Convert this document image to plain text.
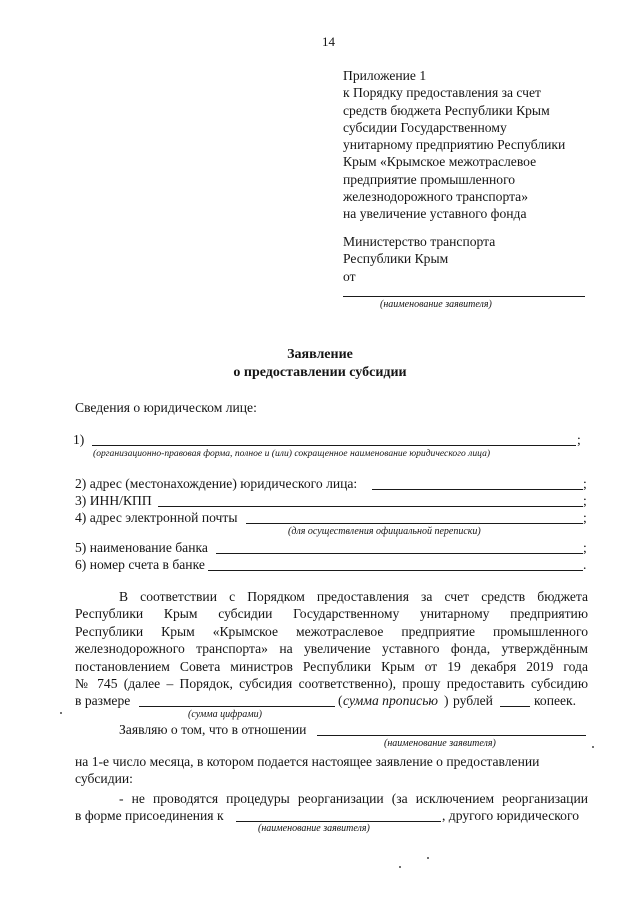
14
Приложение 1
к Порядку предоставления за счет
средств бюджета Республики Крым
субсидии Государственному
унитарному предприятию Республики
Крым «Крымское межотраслевое
предприятие промышленного
железнодорожного транспорта»
на увеличение уставного фонда
Министерство транспорта
Республики Крым
от
(наименование заявителя)
Заявление
о предоставлении субсидии
Сведения о юридическом лице:
1)	;
(организационно-правовая форма, полное и (или) сокращенное наименование юридического лица)
2) адрес (местонахождение) юридического лица:	;
3) ИНН/КПП	;
4) адрес электронной почты	;
(для осуществления официальной переписки)
5) наименование банка	;
6) номер счета в банке	.
В соответствии с Порядком предоставления за счет средств бюджета
Республики Крым субсидии Государственному унитарному предприятию
Республики Крым «Крымское межотраслевое предприятие промышленного
железнодорожного транспорта» на увеличение уставного фонда, утверждённым
постановлением Совета министров Республики Крым от 19 декабря 2019 года
№ 745 (далее – Порядок, субсидия соответственно), прошу предоставить субсидию
в размере	( сумма прописью ) рублей	копеек.
(сумма цифрами)
Заявляю о том, что в отношении
(наименование заявителя)
на 1-е число месяца, в котором подается настоящее заявление о предоставлении
субсидии:
- не проводятся процедуры реорганизации (за исключением реорганизации
в форме присоединения к	, другого юридического
(наименование заявителя)
